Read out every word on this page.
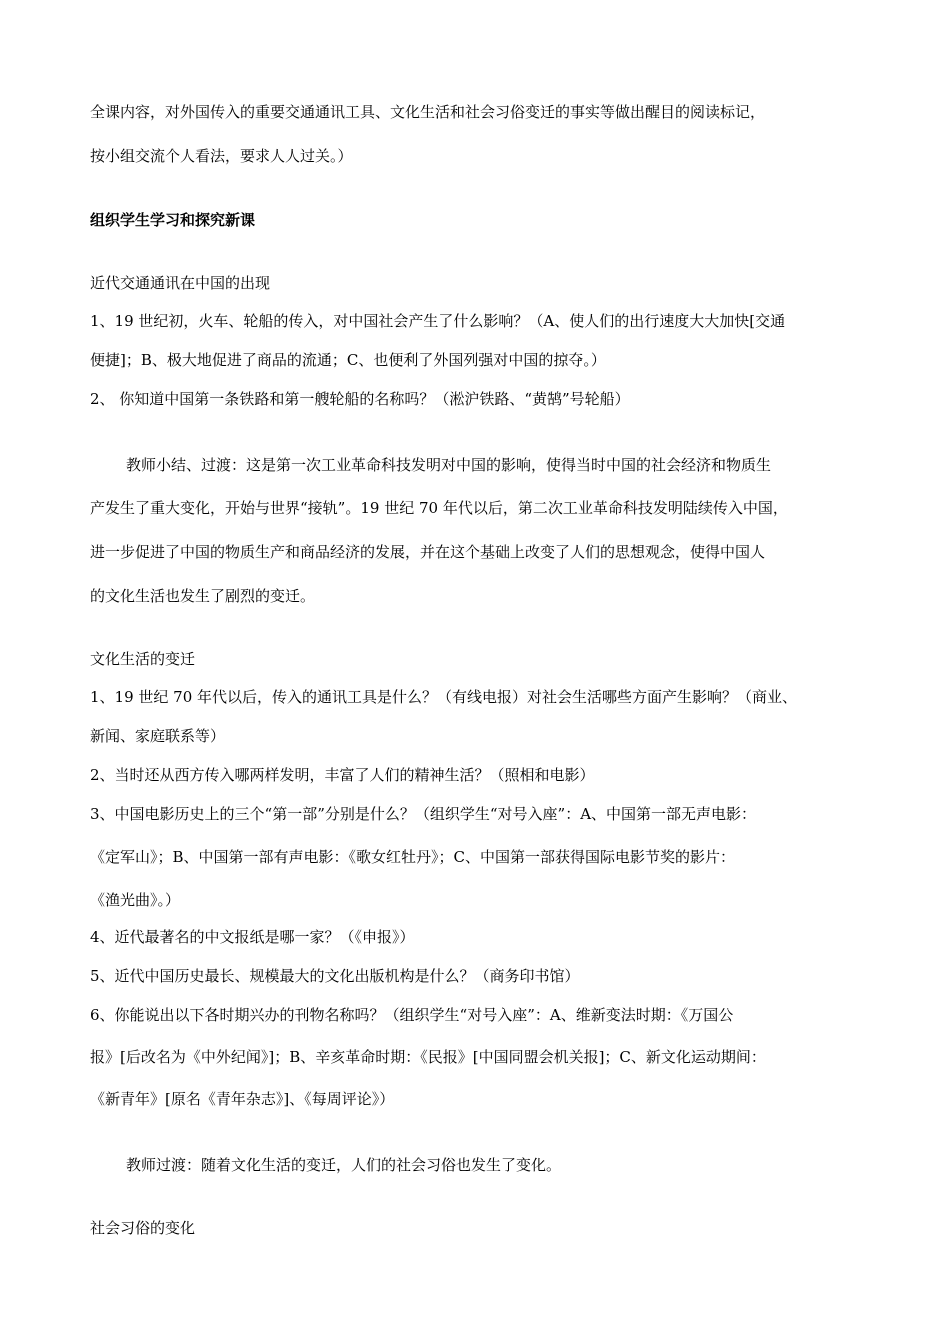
全课内容，对外国传入的重要交通通讯工具、文化生活和社会习俗变迁的事实等做出醒目的阅读标记，
按小组交流个人看法，要求人人过关。）
组织学生学习和探究新课
近代交通通讯在中国的出现
1、19 世纪初，火车、轮船的传入，对中国社会产生了什么影响？（A、使人们的出行速度大大加快[交通
便捷]；B、极大地促进了商品的流通；C、也便利了外国列强对中国的掠夺。）
2、 你知道中国第一条铁路和第一艘轮船的名称吗？（淞沪铁路、“黄鹄”号轮船）
教师小结、过渡：这是第一次工业革命科技发明对中国的影响，使得当时中国的社会经济和物质生
产发生了重大变化，开始与世界“接轨”。19 世纪 70 年代以后，第二次工业革命科技发明陆续传入中国，
进一步促进了中国的物质生产和商品经济的发展，并在这个基础上改变了人们的思想观念，使得中国人
的文化生活也发生了剧烈的变迁。
文化生活的变迁
1、19 世纪 70 年代以后，传入的通讯工具是什么？（有线电报）对社会生活哪些方面产生影响？（商业、
新闻、家庭联系等）
2、当时还从西方传入哪两样发明，丰富了人们的精神生活？（照相和电影）
3、中国电影历史上的三个“第一部”分别是什么？（组织学生“对号入座”：A、中国第一部无声电影：
《定军山》；B、中国第一部有声电影：《歌女红牡丹》；C、中国第一部获得国际电影节奖的影片：
《渔光曲》。）
4、近代最著名的中文报纸是哪一家？（《申报》）
5、近代中国历史最长、规模最大的文化出版机构是什么？（商务印书馆）
6、你能说出以下各时期兴办的刊物名称吗？（组织学生“对号入座”：A、维新变法时期：《万国公
报》[后改名为《中外纪闻》]；B、辛亥革命时期：《民报》[中国同盟会机关报]；C、新文化运动期间：
《新青年》[原名《青年杂志》]、《每周评论》）
教师过渡：随着文化生活的变迁，人们的社会习俗也发生了变化。
社会习俗的变化
